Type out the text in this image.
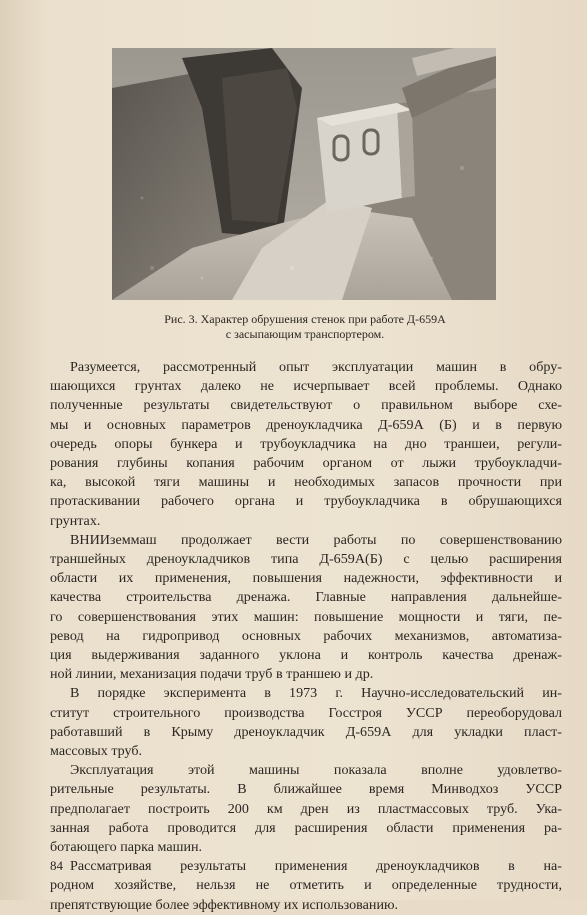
Рис. 3. Характер обрушения стенок при работе Д-659А
с засыпающим транспортером.

Разумеется, рассмотренный опыт эксплуатации машин в обру-

шающихся грунтах далеко не исчерпывает всей проблемы. Однако

полученные результаты свидетельствуют о правильном выборе схе-

мы и основных параметров дреноукладчика Д-659А (Б) и в первую

очередь опоры бункера и трубоукладчика на дно траншеи, регули-

рования глубины копания рабочим органом от лыжи трубоукладчи-

ка, высокой тяги машины и необходимых запасов прочности при

протаскивании рабочего органа и трубоукладчика в обрушающихся

грунтах.

ВНИИземмаш продолжает вести работы по совершенствованию

траншейных дреноукладчиков типа Д-659А(Б) с целью расширения

области их применения, повышения надежности, эффективности и

качества строительства дренажа. Главные направления дальнейше-

го совершенствования этих машин: повышение мощности и тяги, пе-

ревод на гидропривод основных рабочих механизмов, автоматиза-

ция выдерживания заданного уклона и контроль качества дренаж-

ной линии, механизация подачи труб в траншею и др.

В порядке эксперимента в 1973 г. Научно-исследовательский ин-

ститут строительного производства Госстроя УССР переоборудовал

работавший в Крыму дреноукладчик Д-659А для укладки пласт-

массовых труб.

Эксплуатация этой машины показала вполне удовлетво-

рительные результаты. В ближайшее время Минводхоз УССР

предполагает построить 200 км дрен из пластмассовых труб. Ука-

занная работа проводится для расширения области применения ра-

ботающего парка машин.

Рассматривая результаты применения дреноукладчиков в на-

родном хозяйстве, нельзя не отметить и определенные трудности,

препятствующие более эффективному их использованию.

84
